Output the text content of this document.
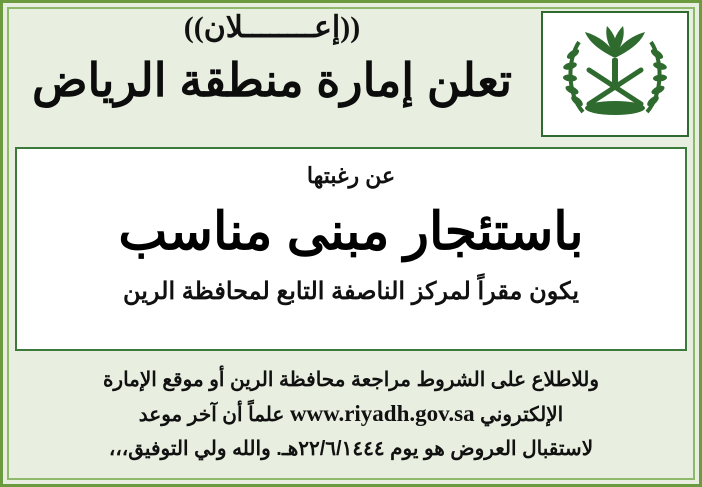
((إعــــــــلان))
تعلن إمارة منطقة الرياض
عن رغبتها
باستئجار مبنى مناسب
يكون مقراً لمركز الناصفة التابع لمحافظة الرين
وللاطلاع على الشروط مراجعة محافظة الرين أو موقع الإمارة
الإلكتروني www.riyadh.gov.sa علماً أن آخر موعد
لاستقبال العروض هو يوم ٢٢/٦/١٤٤٤هـ. والله ولي التوفيق،،،
